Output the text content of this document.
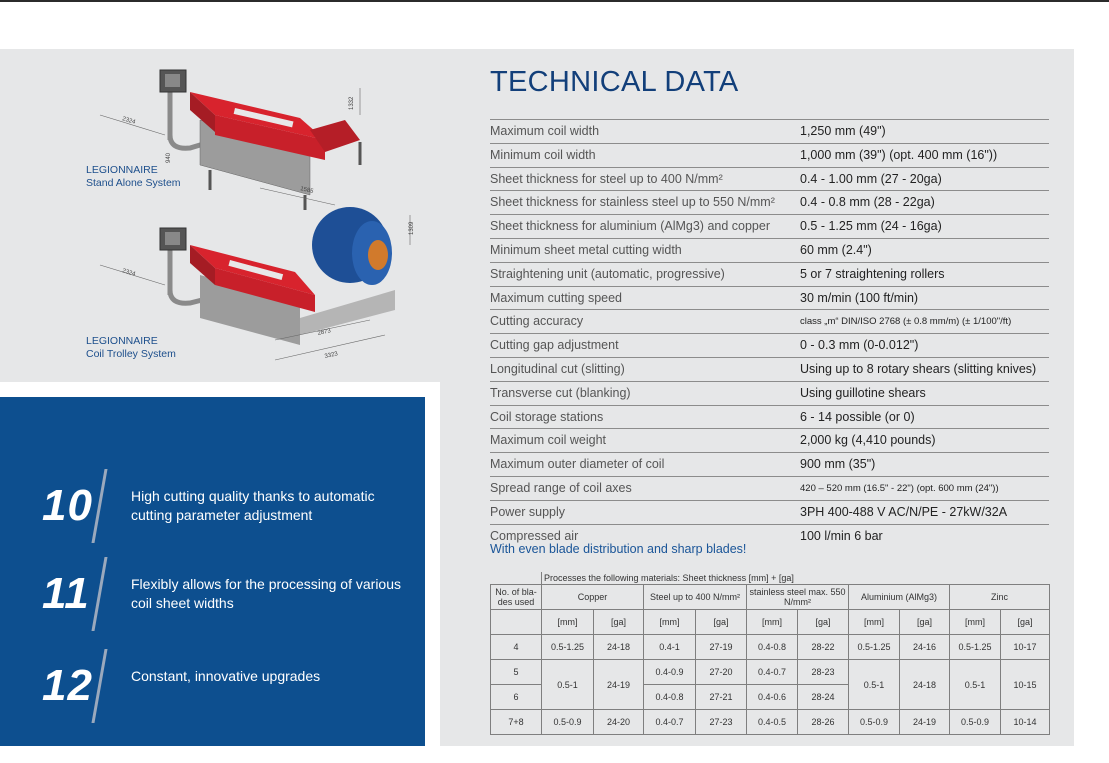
2324
940
1585
1332
2324
2873
3323
1309
LEGIONNAIRE
Stand Alone System
LEGIONNAIRE
Coil Trolley System
10	High cutting quality thanks to automatic cutting parameter adjustment
11	Flexibly allows for the processing of various coil sheet widths
12	Constant, innovative upgrades
TECHNICAL DATA
Maximum coil width	1,250 mm (49")
Minimum coil width	1,000 mm (39") (opt. 400 mm (16"))
Sheet thickness for steel up to 400 N/mm²	0.4 - 1.00 mm (27 - 20ga)
Sheet thickness for stainless steel up to 550 N/mm² 0.4 - 0.8 mm (28 - 22ga)
Sheet thickness for aluminium (AlMg3) and copper 0.5 - 1.25 mm (24 - 16ga)
Minimum sheet metal cutting width	60 mm (2.4")
Straightening unit (automatic, progressive)	5 or 7 straightening rollers
Maximum cutting speed	30 m/min (100 ft/min)
Cutting accuracy	class „m“ DIN/ISO 2768 (± 0.8 mm/m) (± 1/100"/ft)
Cutting gap adjustment	0 - 0.3 mm (0-0.012")
Longitudinal cut (slitting)	Using up to 8 rotary shears (slitting knives)
Transverse cut (blanking)	Using guillotine shears
Coil storage stations	6 - 14 possible (or 0)
Maximum coil weight	2,000 kg (4,410 pounds)
Maximum outer diameter of coil	900 mm (35")
Spread range of coil axes	420 – 520 mm (16.5" - 22") (opt. 600 mm (24"))
Power supply	3PH 400-488 V AC/N/PE - 27kW/32A
Compressed air	100 l/min 6 bar
With even blade distribution and sharp blades!
	Processes the following materials: Sheet thickness [mm] + [ga]									
No. of bla-des used	Copper		Steel up to 400 N/mm²		stainless steel max. 550 N/mm²		Aluminium (AlMg3)		Zinc	
	[mm]	[ga]	[mm]	[ga]	[mm]	[ga]	[mm]	[ga]	[mm]	[ga]
4	0.5-1.25	24-18	0.4-1	27-19	0.4-0.8	28-22	0.5-1.25	24-16	0.5-1.25	10-17
5	0.5-1	24-19	0.4-0.9	27-20	0.4-0.7	28-23	0.5-1	24-18	0.5-1	10-15
6			0.4-0.8	27-21	0.4-0.6	28-24				
7+8	0.5-0.9	24-20	0.4-0.7	27-23	0.4-0.5	28-26	0.5-0.9	24-19	0.5-0.9	10-14
